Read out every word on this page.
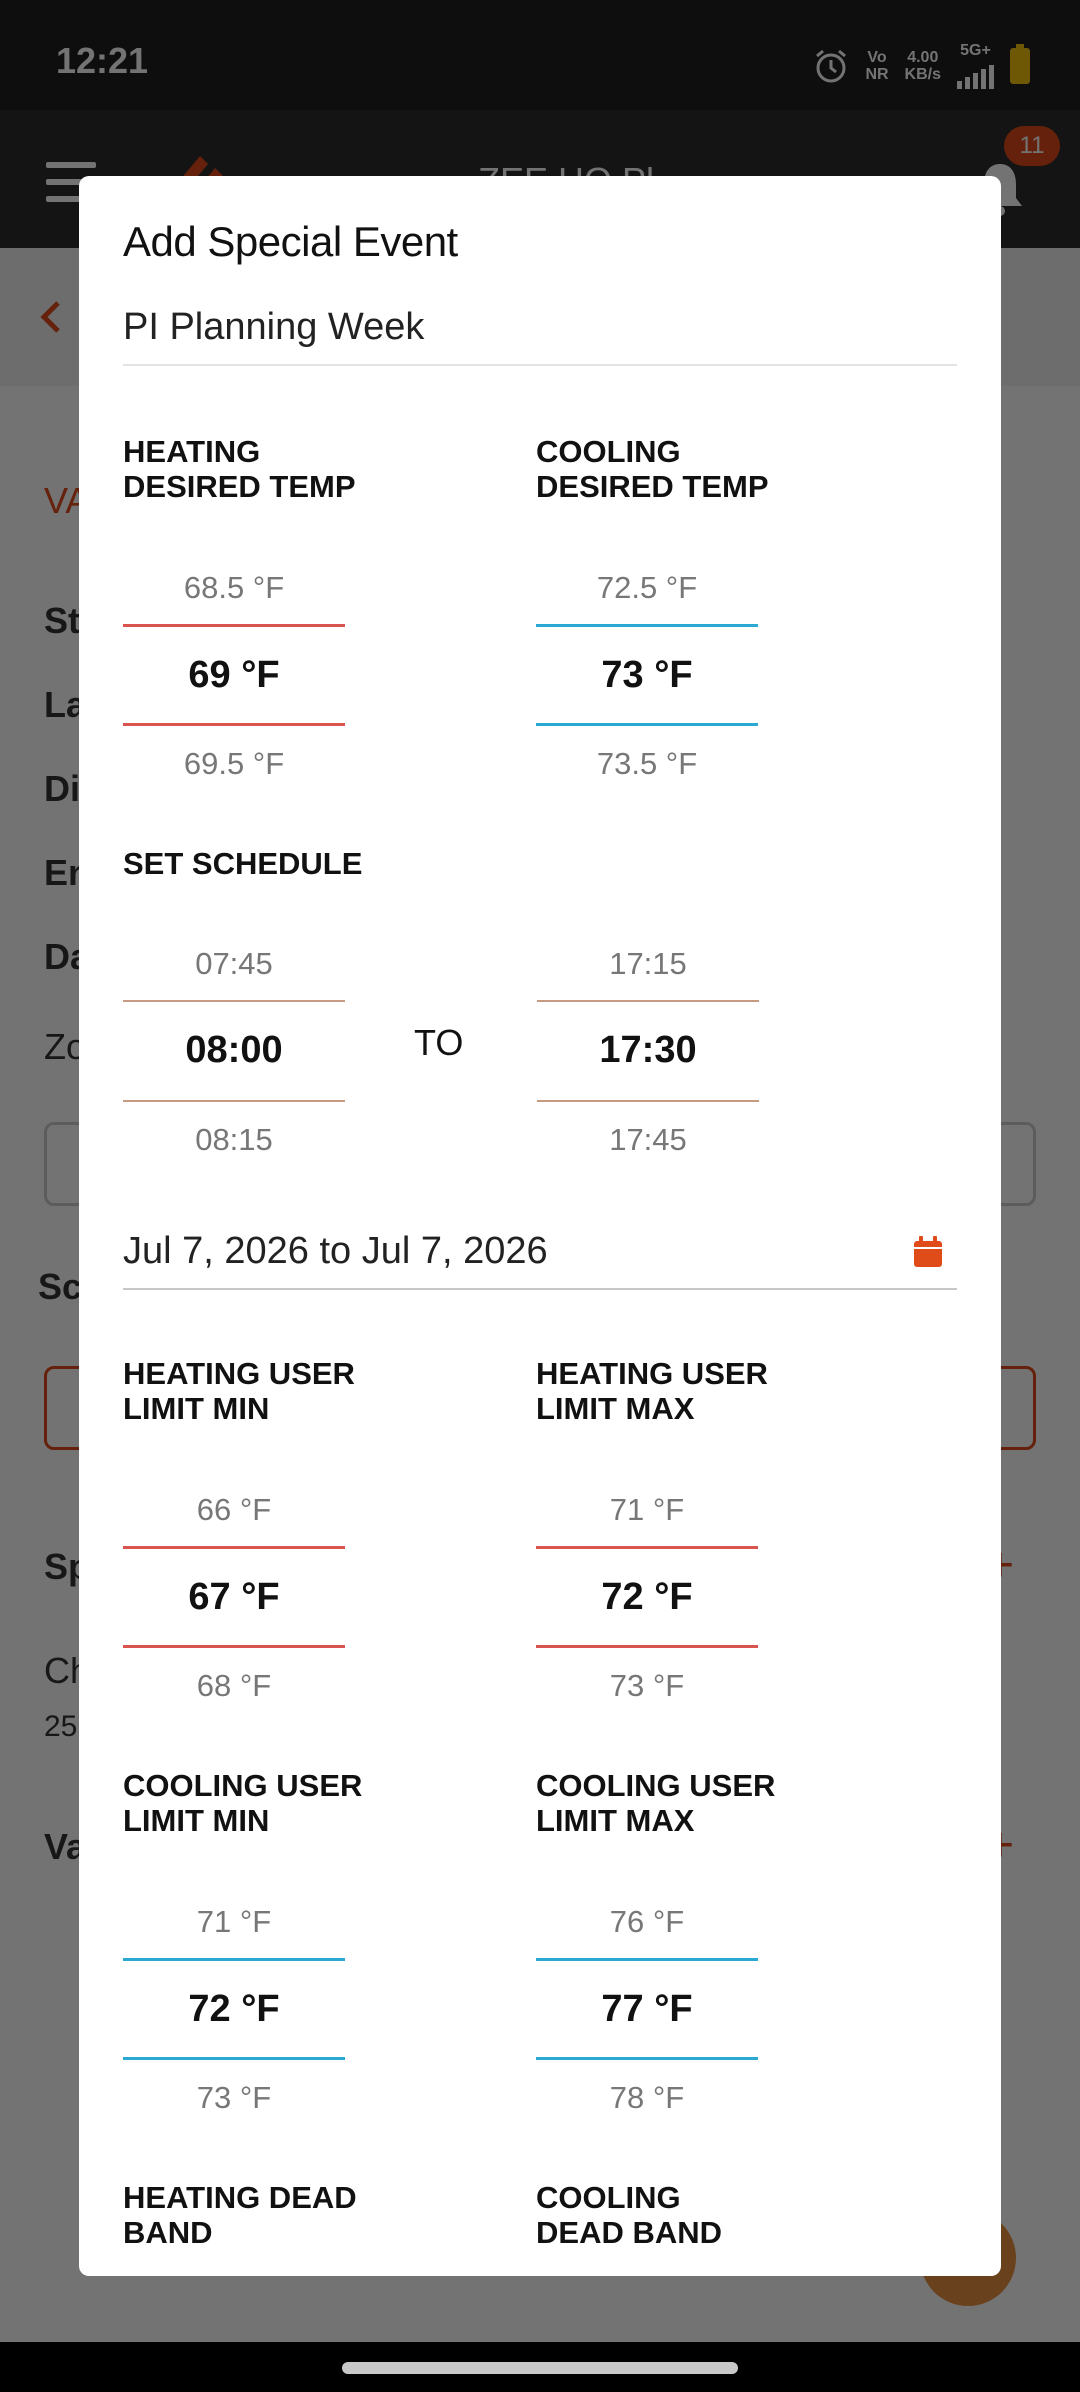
Add Special Event
PI Planning Week
HEATING
DESIRED TEMP
COOLING
DESIRED TEMP
68.5 °F
69 °F
69.5 °F
72.5 °F
73 °F
73.5 °F
SET SCHEDULE
07:45
08:00
08:15
TO
17:15
17:30
17:45
Jul 7, 2026 to Jul 7, 2026
HEATING USER
LIMIT MIN
HEATING USER
LIMIT MAX
66 °F
67 °F
68 °F
71 °F
72 °F
73 °F
COOLING USER
LIMIT MIN
COOLING USER
LIMIT MAX
71 °F
72 °F
73 °F
76 °F
77 °F
78 °F
HEATING DEAD
BAND
COOLING
DEAD BAND
